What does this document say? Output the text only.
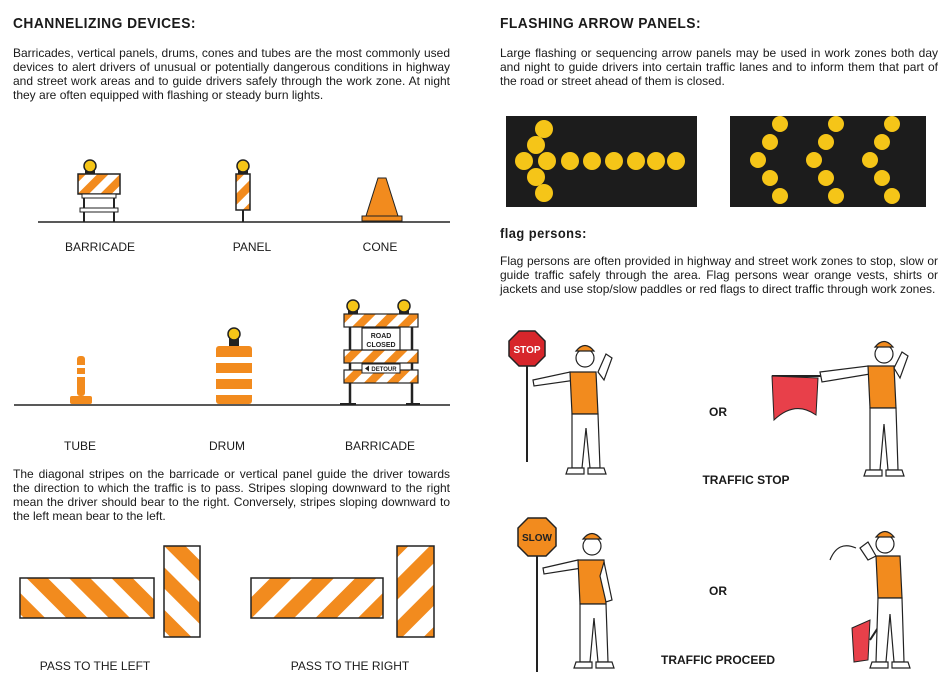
CHANNELIZING DEVICES:
Barricades, vertical panels, drums, cones and tubes are the most commonly used devices to alert drivers of unusual or potentially dangerous conditions in highway and street work areas and to guide drivers safely through the work zone. At night they are often equipped with flashing or steady burn lights.
BARRICADE	PANEL	CONE
TUBE	DRUM	BARRICADE
The diagonal stripes on the barricade or vertical panel guide the driver towards the direction to which the traffic is to pass. Stripes sloping downward to the right mean the driver should bear to the right. Conversely, stripes sloping downward to the left mean bear to the left.
PASS TO THE LEFT	PASS TO THE RIGHT
FLASHING ARROW PANELS:
Large flashing or sequencing arrow panels may be used in work zones both day and night to guide drivers into certain traffic lanes and to inform them that part of the road or street ahead of them is closed.
flag persons:
Flag persons are often provided in highway and street work zones to stop, slow or guide traffic safely through the area. Flag persons wear orange vests, shirts or jackets and use stop/slow paddles or red flags to direct traffic through work zones.
OR
TRAFFIC STOP
OR
TRAFFIC PROCEED
ROAD
CLOSED
DETOUR
STOP
SLOW
